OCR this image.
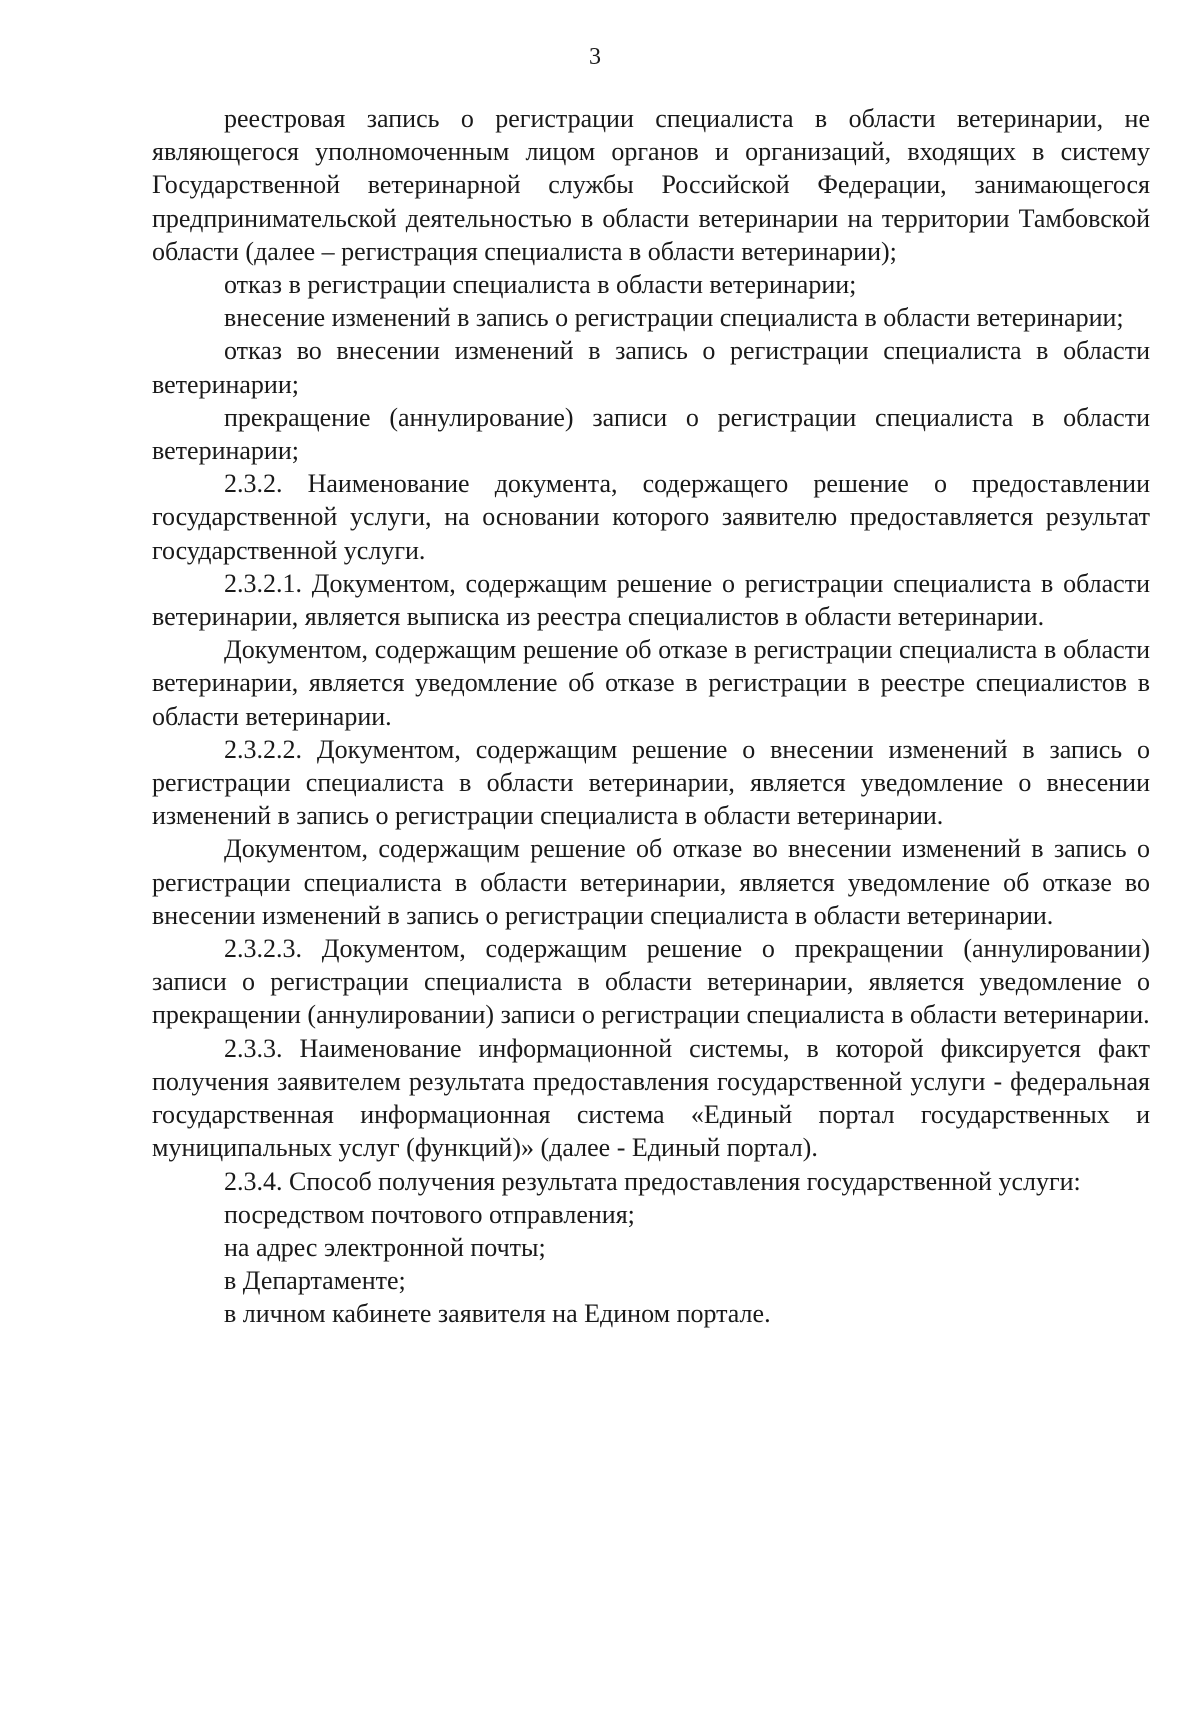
3

реестровая запись о регистрации специалиста в области ветеринарии, не являющегося уполномоченным лицом органов и организаций, входящих в систему Государственной ветеринарной службы Российской Федерации, занимающегося предпринимательской деятельностью в области ветеринарии на территории Тамбовской области (далее – регистрация специалиста в области ветеринарии);

отказ в регистрации специалиста в области ветеринарии;

внесение изменений в запись о регистрации специалиста в области ветеринарии;

отказ во внесении изменений в запись о регистрации специалиста в области ветеринарии;

прекращение (аннулирование) записи о регистрации специалиста в области ветеринарии;

2.3.2. Наименование документа, содержащего решение о предоставлении государственной услуги, на основании которого заявителю предоставляется результат государственной услуги.

2.3.2.1. Документом, содержащим решение о регистрации специалиста в области ветеринарии, является выписка из реестра специалистов в области ветеринарии.

Документом, содержащим решение об отказе в регистрации специалиста в области ветеринарии, является уведомление об отказе в регистрации в реестре специалистов в области ветеринарии.

2.3.2.2. Документом, содержащим решение о внесении изменений в запись о регистрации специалиста в области ветеринарии, является уведомление о внесении изменений в запись о регистрации специалиста в области ветеринарии.

Документом, содержащим решение об отказе во внесении изменений в запись о регистрации специалиста в области ветеринарии, является уведомление об отказе во внесении изменений в запись о регистрации специалиста в области ветеринарии.

2.3.2.3. Документом, содержащим решение о прекращении (аннулировании) записи о регистрации специалиста в области ветеринарии, является уведомление о прекращении (аннулировании) записи о регистрации специалиста в области ветеринарии.

2.3.3. Наименование информационной системы, в которой фиксируется факт получения заявителем результата предоставления государственной услуги - федеральная государственная информационная система «Единый портал государственных и муниципальных услуг (функций)» (далее - Единый портал).

2.3.4. Способ получения результата предоставления государственной услуги:

посредством почтового отправления;

на адрес электронной почты;

в Департаменте;

в личном кабинете заявителя на Едином портале.
